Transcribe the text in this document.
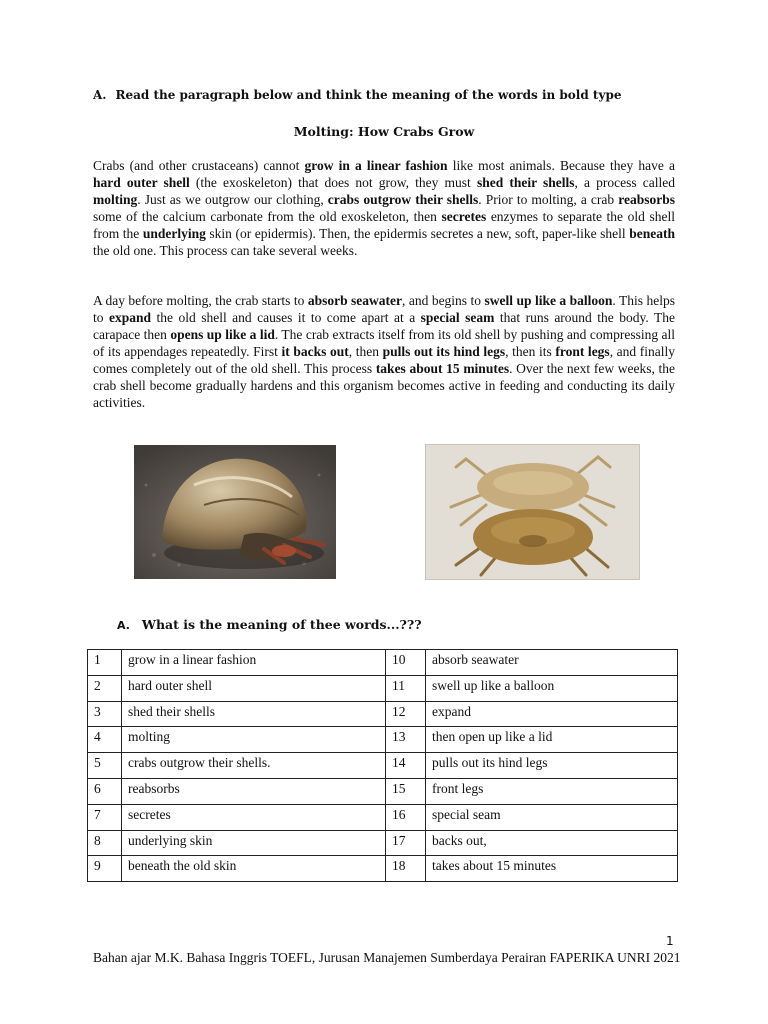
A. Read the paragraph below and think the meaning of the words in bold type
Molting: How Crabs Grow

Crabs (and other crustaceans) cannot grow in a linear fashion like most animals. Because they have a hard outer shell (the exoskeleton) that does not grow, they must shed their shells, a process called molting. Just as we outgrow our clothing, crabs outgrow their shells. Prior to molting, a crab reabsorbs some of the calcium carbonate from the old exoskeleton, then secretes enzymes to separate the old shell from the underlying skin (or epidermis). Then, the epidermis secretes a new, soft, paper-like shell beneath the old one. This process can take several weeks.

A day before molting, the crab starts to absorb seawater, and begins to swell up like a balloon. This helps to expand the old shell and causes it to come apart at a special seam that runs around the body. The carapace then opens up like a lid. The crab extracts itself from its old shell by pushing and compressing all of its appendages repeatedly. First it backs out, then pulls out its hind legs, then its front legs, and finally comes completely out of the old shell. This process takes about 15 minutes. Over the next few weeks, the crab shell become gradually hardens and this organism becomes active in feeding and conducting its daily activities.

A. What is the meaning of thee words...???
1	grow in a linear fashion	10	absorb seawater
2	hard outer shell	11	swell up like a balloon
3	shed their shells	12	expand
4	molting	13	then open up like a lid
5	crabs outgrow their shells.	14	pulls out its hind legs
6	reabsorbs	15	front legs
7	secretes	16	special seam
8	underlying skin	17	backs out,
9	beneath the old skin	18	takes about 15 minutes
1
Bahan ajar M.K. Bahasa Inggris TOEFL, Jurusan Manajemen Sumberdaya Perairan FAPERIKA UNRI 2021
